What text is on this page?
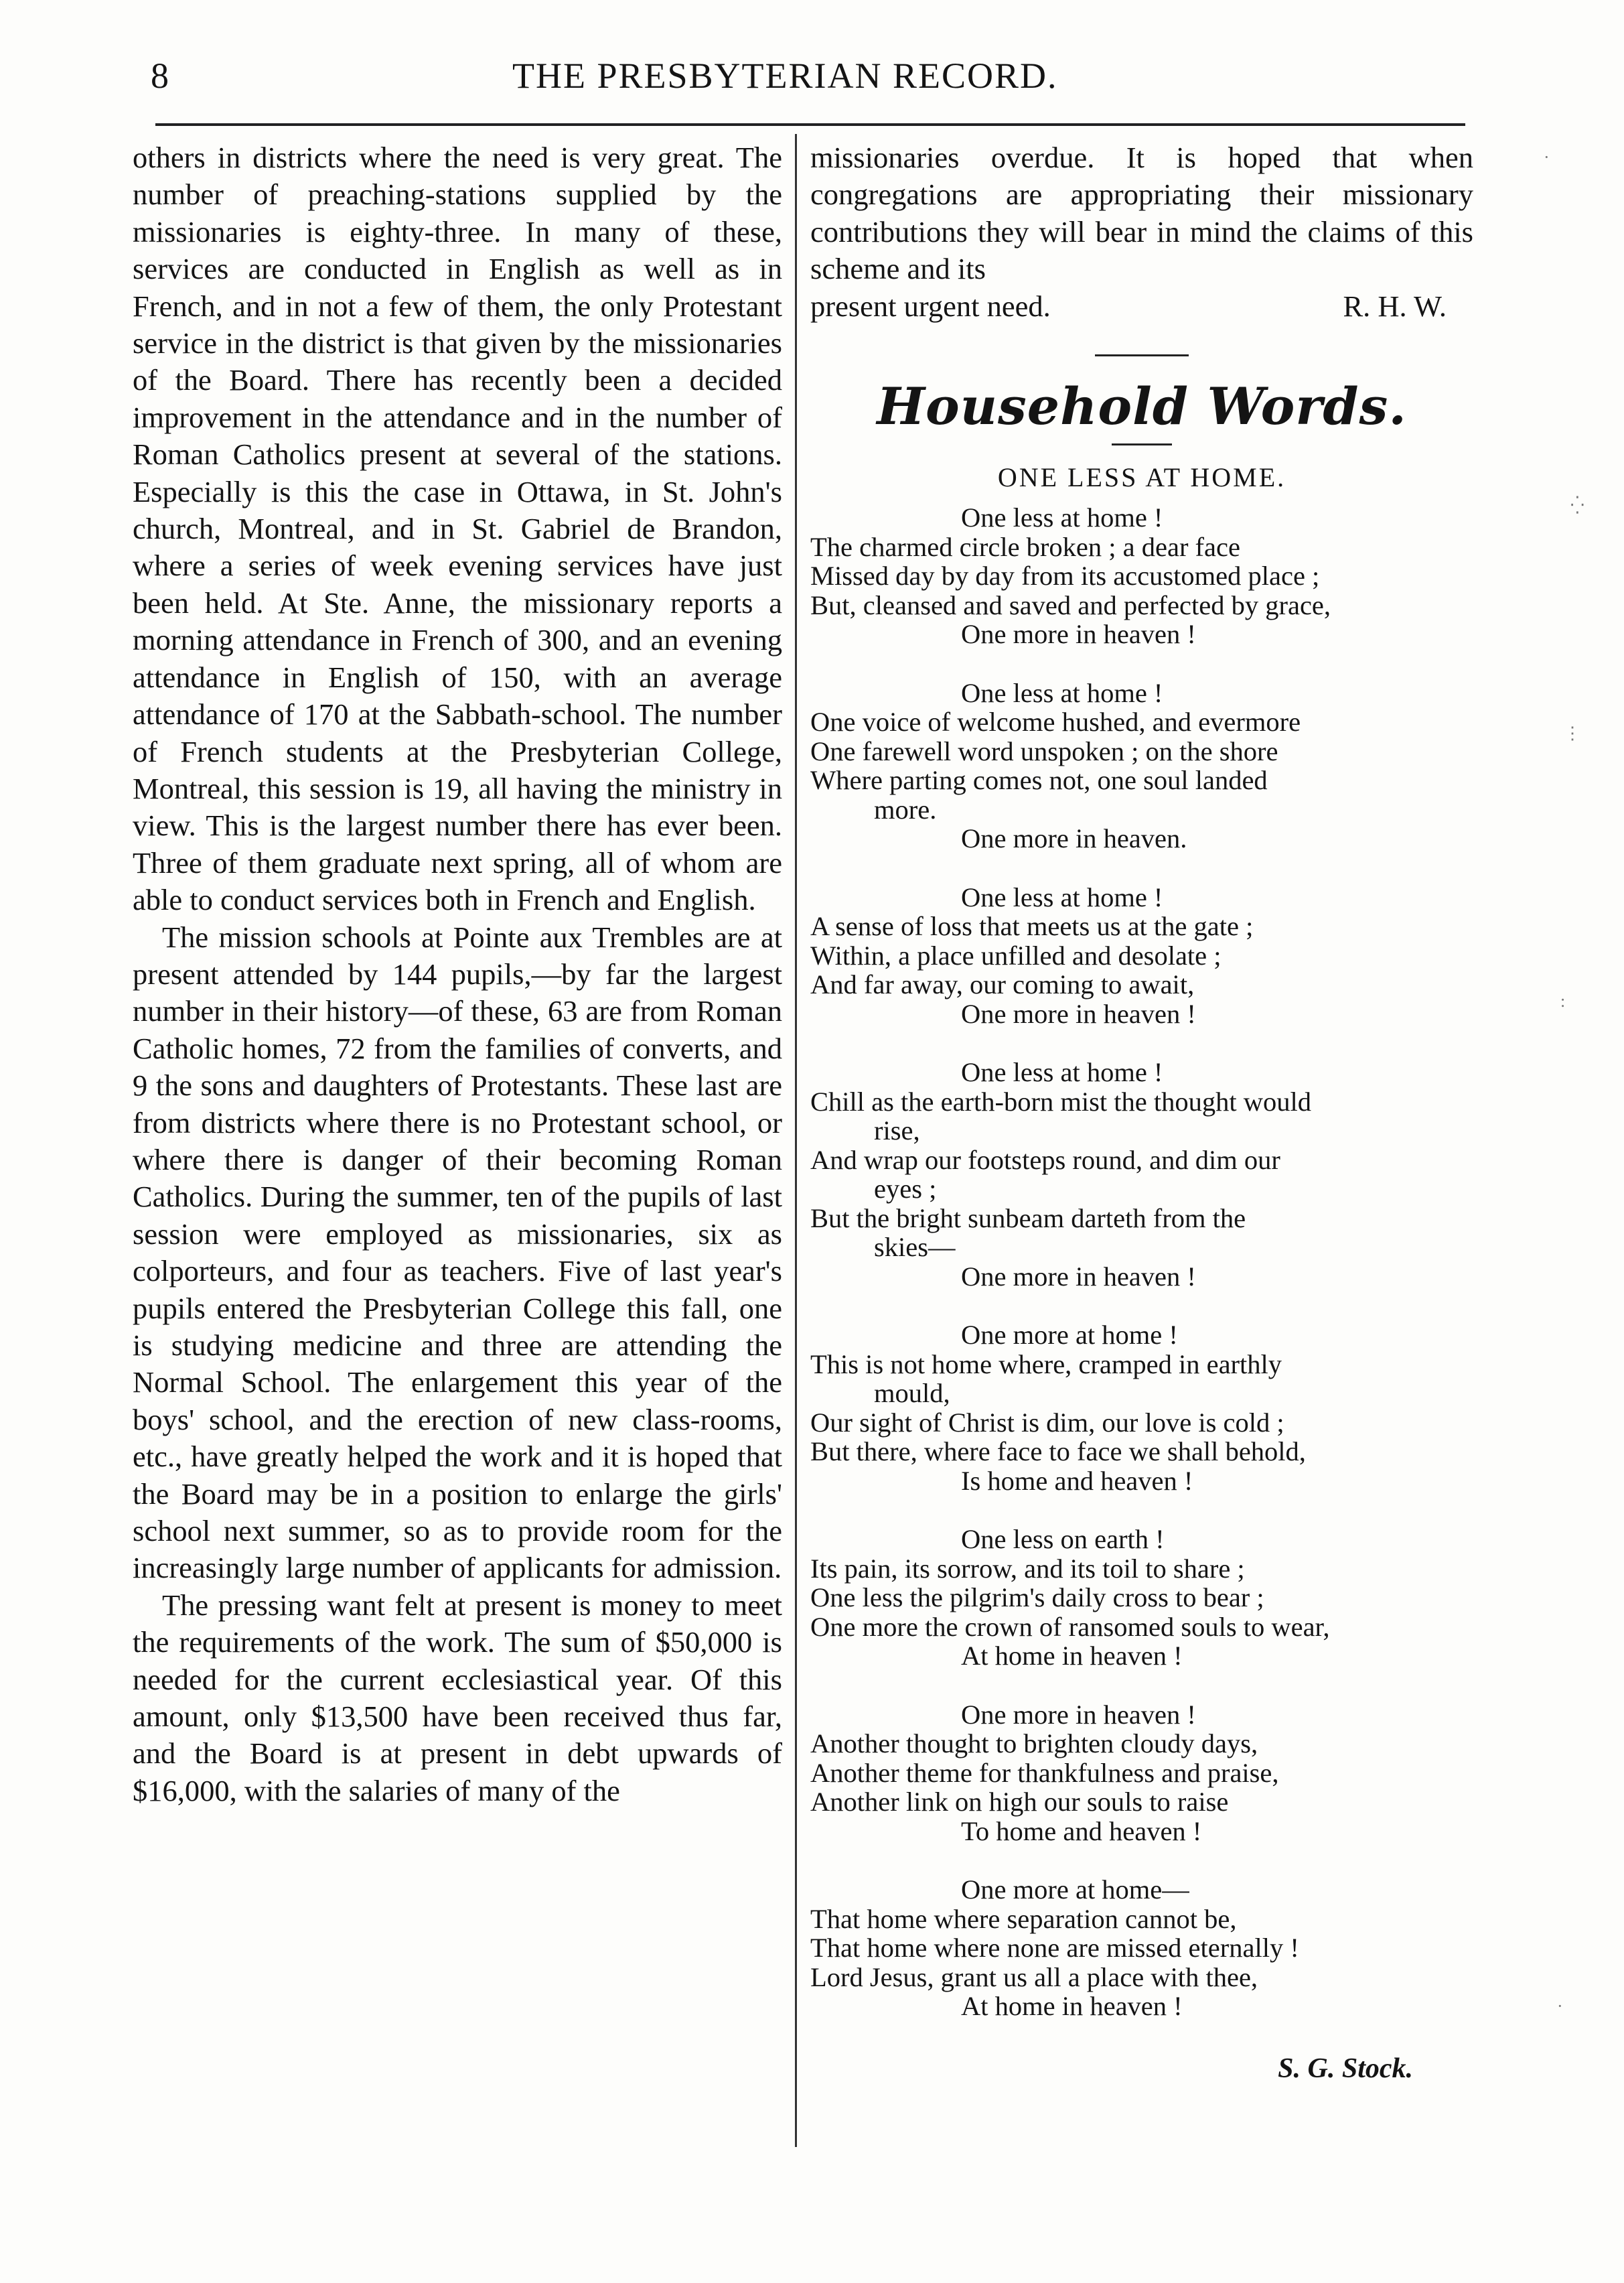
8	THE PRESBYTERIAN RECORD.

others in districts where the need is very great. The number of preaching-stations supplied by the missionaries is eighty-three. In many of these, services are conducted in English as well as in French, and in not a few of them, the only Protestant service in the district is that given by the missionaries of the Board. There has recently been a decided improvement in the attendance and in the number of Roman Catholics present at several of the stations. Especially is this the case in Ottawa, in St. John's church, Montreal, and in St. Gabriel de Brandon, where a series of week evening services have just been held. At Ste. Anne, the missionary reports a morning attendance in French of 300, and an evening attendance in English of 150, with an average attendance of 170 at the Sabbath-school. The number of French students at the Presbyterian College, Montreal, this session is 19, all having the ministry in view. This is the largest number there has ever been. Three of them graduate next spring, all of whom are able to conduct services both in French and English.

The mission schools at Pointe aux Trembles are at present attended by 144 pupils,—by far the largest number in their history—of these, 63 are from Roman Catholic homes, 72 from the families of converts, and 9 the sons and daughters of Protestants. These last are from districts where there is no Protestant school, or where there is danger of their becoming Roman Catholics. During the summer, ten of the pupils of last session were employed as missionaries, six as colporteurs, and four as teachers. Five of last year's pupils entered the Presbyterian College this fall, one is studying medicine and three are attending the Normal School. The enlargement this year of the boys' school, and the erection of new class-rooms, etc., have greatly helped the work and it is hoped that the Board may be in a position to enlarge the girls' school next summer, so as to provide room for the increasingly large number of applicants for admission.

The pressing want felt at present is money to meet the requirements of the work. The sum of $50,000 is needed for the current ecclesiastical year. Of this amount, only $13,500 have been received thus far, and the Board is at present in debt upwards of $16,000, with the salaries of many of the

missionaries overdue. It is hoped that when congregations are appropriating their missionary contributions they will bear in mind the claims of this scheme and its

present urgent need.	R. H. W.

Household Words.

ONE LESS AT HOME.

One less at home !
The charmed circle broken ; a dear face
Missed day by day from its accustomed place ;
But, cleansed and saved and perfected by grace,
One more in heaven !
One less at home !
One voice of welcome hushed, and evermore
One farewell word unspoken ; on the shore
Where parting comes not, one soul landed
more.
One more in heaven.
One less at home !
A sense of loss that meets us at the gate ;
Within, a place unfilled and desolate ;
And far away, our coming to await,
One more in heaven !
One less at home !
Chill as the earth-born mist the thought would
rise,
And wrap our footsteps round, and dim our
eyes ;
But the bright sunbeam darteth from the
skies—
One more in heaven !
One more at home !
This is not home where, cramped in earthly
mould,
Our sight of Christ is dim, our love is cold ;
But there, where face to face we shall behold,
Is home and heaven !
One less on earth !
Its pain, its sorrow, and its toil to share ;
One less the pilgrim's daily cross to bear ;
One more the crown of ransomed souls to wear,
At home in heaven !
One more in heaven !
Another thought to brighten cloudy days,
Another theme for thankfulness and praise,
Another link on high our souls to raise
To home and heaven !
One more at home—
That home where separation cannot be,
That home where none are missed eternally !
Lord Jesus, grant us all a place with thee,
At home in heaven !
S. G. Stock.
·
⁛
⋮
:
·
